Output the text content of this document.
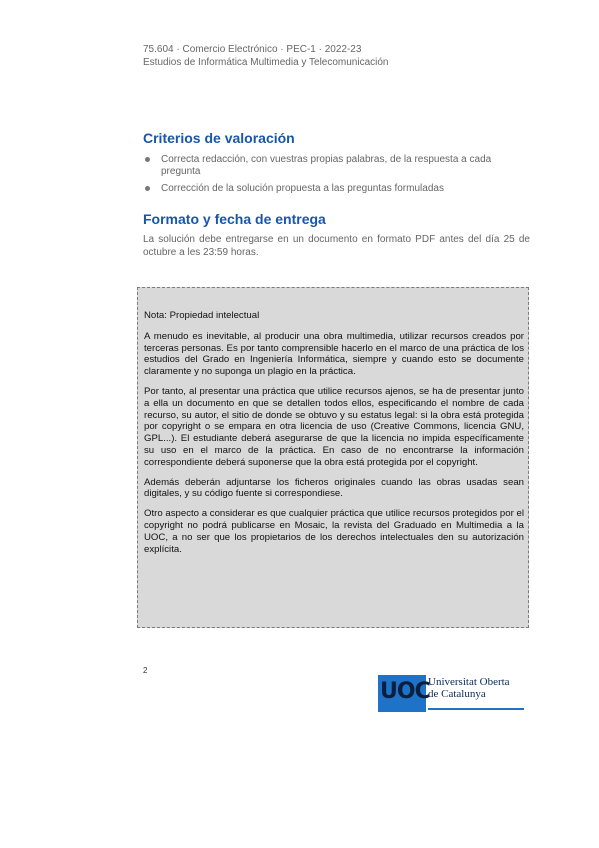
75.604 · Comercio Electrónico · PEC-1 · 2022-23
Estudios de Informática Multimedia y Telecomunicación
Criterios de valoración
Correcta redacción, con vuestras propias palabras, de la respuesta a cada pregunta
Corrección de la solución propuesta a las preguntas formuladas
Formato y fecha de entrega

La solución debe entregarse en un documento en formato PDF antes del día 25 de octubre a les 23:59 horas.

Nota: Propiedad intelectual

A menudo es inevitable, al producir una obra multimedia, utilizar recursos creados por terceras personas. Es por tanto comprensible hacerlo en el marco de una práctica de los estudios del Grado en Ingeniería Informática, siempre y cuando esto se documente claramente y no suponga un plagio en la práctica.

Por tanto, al presentar una práctica que utilice recursos ajenos, se ha de presentar junto a ella un documento en que se detallen todos ellos, especificando el nombre de cada recurso, su autor, el sitio de donde se obtuvo y su estatus legal: si la obra está protegida por copyright o se empara en otra licencia de uso (Creative Commons, licencia GNU, GPL...). El estudiante deberá asegurarse de que la licencia no impida específicamente su uso en el marco de la práctica. En caso de no encontrarse la información correspondiente deberá suponerse que la obra está protegida por el copyright.

Además deberán adjuntarse los ficheros originales cuando las obras usadas sean digitales, y su código fuente si correspondiese.

Otro aspecto a considerar es que cualquier práctica que utilice recursos protegidos por el copyright no podrá publicarse en Mosaic, la revista del Graduado en Multimedia a la UOC, a no ser que los propietarios de los derechos intelectuales den su autorización explícita.

2
UOC
Universitat Oberta
de Catalunya
